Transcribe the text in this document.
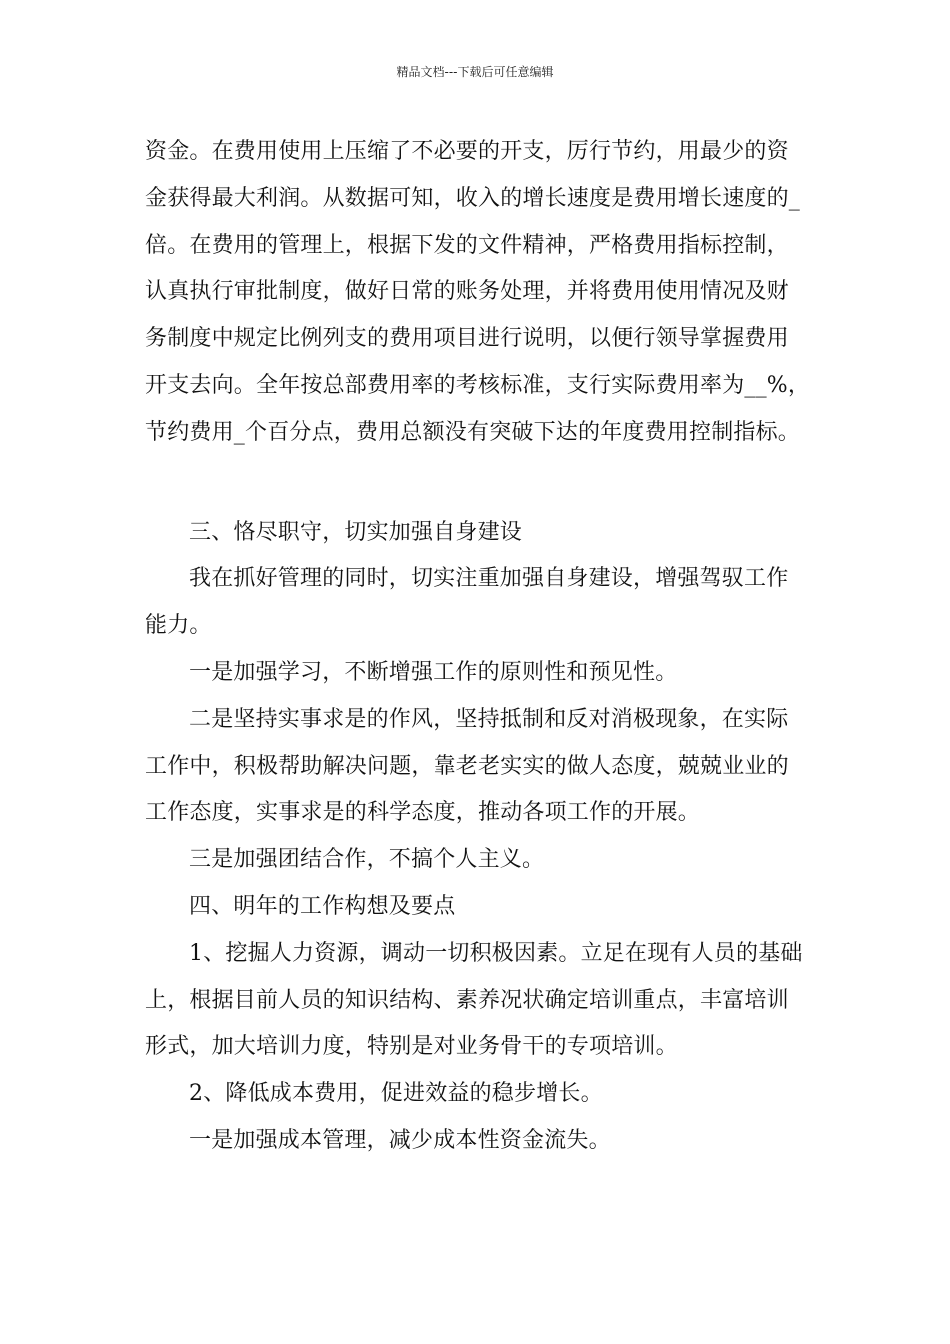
精品文档---下载后可任意编辑
资金。在费用使用上压缩了不必要的开支，厉行节约，用最少的资
金获得最大利润。从数据可知，收入的增长速度是费用增长速度的_
倍。在费用的管理上，根据下发的文件精神，严格费用指标控制，
认真执行审批制度，做好日常的账务处理，并将费用使用情况及财
务制度中规定比例列支的费用项目进行说明，以便行领导掌握费用
开支去向。全年按总部费用率的考核标准，支行实际费用率为__%，
节约费用_个百分点，费用总额没有突破下达的年度费用控制指标。
三、恪尽职守，切实加强自身建设
我在抓好管理的同时，切实注重加强自身建设，增强驾驭工作
能力。
一是加强学习，不断增强工作的原则性和预见性。
二是坚持实事求是的作风，坚持抵制和反对消极现象，在实际
工作中，积极帮助解决问题，靠老老实实的做人态度，兢兢业业的
工作态度，实事求是的科学态度，推动各项工作的开展。
三是加强团结合作，不搞个人主义。
四、明年的工作构想及要点
1、挖掘人力资源，调动一切积极因素。立足在现有人员的基础
上，根据目前人员的知识结构、素养况状确定培训重点，丰富培训
形式，加大培训力度，特别是对业务骨干的专项培训。
2、降低成本费用，促进效益的稳步增长。
一是加强成本管理，减少成本性资金流失。
